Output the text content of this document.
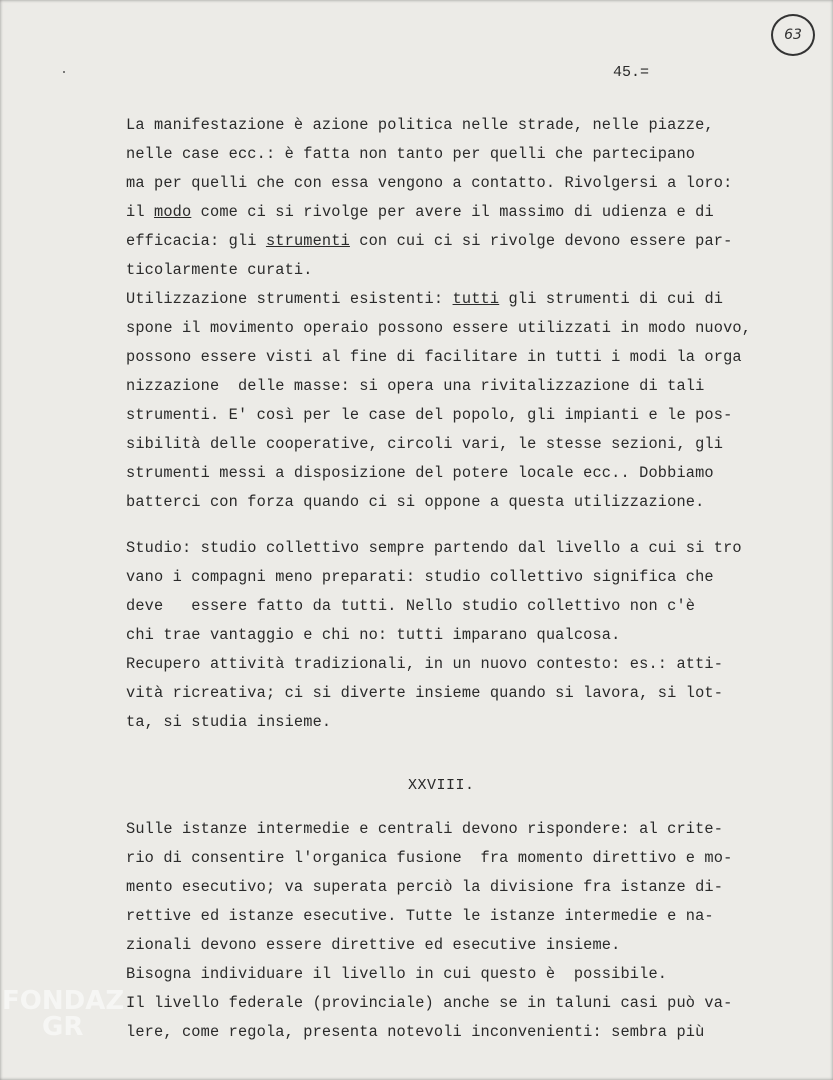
63
45.=
La manifestazione è azione politica nelle strade, nelle piazze,
nelle case ecc.: è fatta non tanto per quelli che partecipano
ma per quelli che con essa vengono a contatto. Rivolgersi a loro:
il modo come ci si rivolge per avere il massimo di udienza e di
efficacia: gli strumenti con cui ci si rivolge devono essere par-
ticolarmente curati.
Utilizzazione strumenti esistenti: tutti gli strumenti di cui di
spone il movimento operaio possono essere utilizzati in modo nuovo,
possono essere visti al fine di facilitare in tutti i modi la orga
nizzazione  delle masse: si opera una rivitalizzazione di tali
strumenti. E' così per le case del popolo, gli impianti e le pos-
sibilità delle cooperative, circoli vari, le stesse sezioni, gli
strumenti messi a disposizione del potere locale ecc.. Dobbiamo
batterci con forza quando ci si oppone a questa utilizzazione.
Studio: studio collettivo sempre partendo dal livello a cui si tro
vano i compagni meno preparati: studio collettivo significa che
deve   essere fatto da tutti. Nello studio collettivo non c'è
chi trae vantaggio e chi no: tutti imparano qualcosa.
Recupero attività tradizionali, in un nuovo contesto: es.: atti-
vità ricreativa; ci si diverte insieme quando si lavora, si lot-
ta, si studia insieme.
XXVIII.
Sulle istanze intermedie e centrali devono rispondere: al crite-
rio di consentire l'organica fusione  fra momento direttivo e mo-
mento esecutivo; va superata perciò la divisione fra istanze di-
rettive ed istanze esecutive. Tutte le istanze intermedie e na-
zionali devono essere direttive ed esecutive insieme.
Bisogna individuare il livello in cui questo è  possibile.
Il livello federale (provinciale) anche se in taluni casi può va-
lere, come regola, presenta notevoli inconvenienti: sembra più
FONDAZ
GR
